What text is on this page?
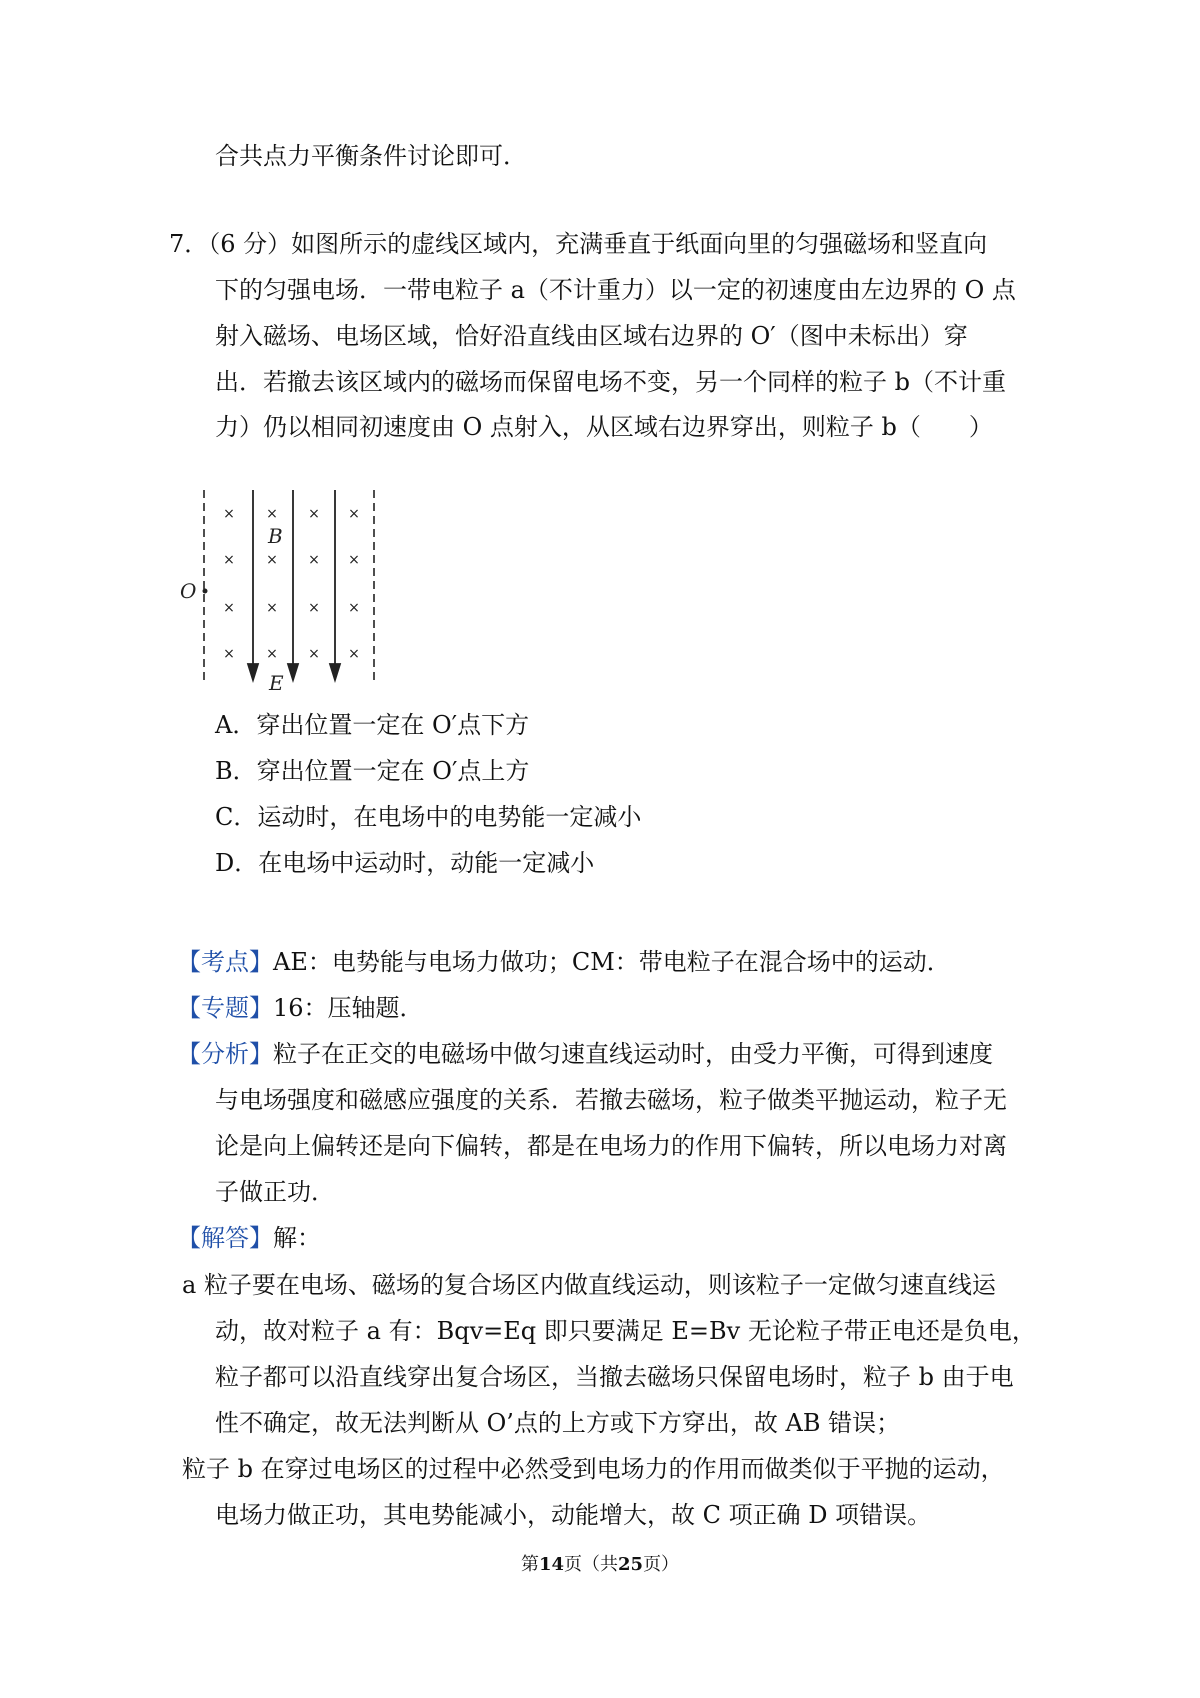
合共点力平衡条件讨论即可．
7．（6 分）如图所示的虚线区域内，充满垂直于纸面向里的匀强磁场和竖直向
下的匀强电场．一带电粒子 a（不计重力）以一定的初速度由左边界的 O 点
射入磁场、电场区域，恰好沿直线由区域右边界的 O′（图中未标出）穿
出．若撤去该区域内的磁场而保留电场不变，另一个同样的粒子 b（不计重
力）仍以相同初速度由 O 点射入，从区域右边界穿出，则粒子 b（　　）
× × × ×
× × × ×
× × × ×
× × × ×
O
B
E
A．穿出位置一定在 O′点下方
B．穿出位置一定在 O′点上方
C．运动时，在电场中的电势能一定减小
D．在电场中运动时，动能一定减小
【考点】AE：电势能与电场力做功；CM：带电粒子在混合场中的运动．
【专题】16：压轴题．
【分析】粒子在正交的电磁场中做匀速直线运动时，由受力平衡，可得到速度
与电场强度和磁感应强度的关系．若撤去磁场，粒子做类平抛运动，粒子无
论是向上偏转还是向下偏转，都是在电场力的作用下偏转，所以电场力对离
子做正功．
【解答】解：
a 粒子要在电场、磁场的复合场区内做直线运动，则该粒子一定做匀速直线运
动，故对粒子 a 有：Bqv=Eq 即只要满足 E=Bv 无论粒子带正电还是负电，
粒子都可以沿直线穿出复合场区，当撤去磁场只保留电场时，粒子 b 由于电
性不确定，故无法判断从 O’点的上方或下方穿出，故 AB 错误；
粒子 b 在穿过电场区的过程中必然受到电场力的作用而做类似于平抛的运动，
电场力做正功，其电势能减小，动能增大，故 C 项正确 D 项错误。
第14页（共25页）
